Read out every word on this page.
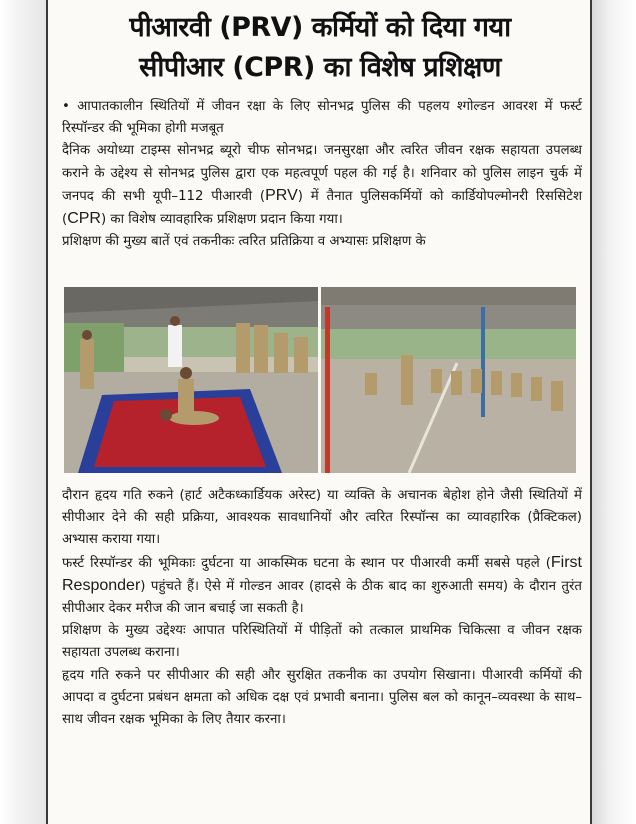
पीआरवी (PRV) कर्मियों को दिया गया
सीपीआर (CPR) का विशेष प्रशिक्षण

• आपातकालीन स्थितियों में जीवन रक्षा के लिए सोनभद्र पुलिस की पहलय श्गोल्डन आवरश में फर्स्ट रिस्पॉन्डर की भूमिका होगी मजबूत

दैनिक अयोध्या टाइम्स सोनभद्र ब्यूरो चीफ सोनभद्र। जनसुरक्षा और त्वरित जीवन रक्षक सहायता उपलब्ध कराने के उद्देश्य से सोनभद्र पुलिस द्वारा एक महत्वपूर्ण पहल की गई है। शनिवार को पुलिस लाइन चुर्क में जनपद की सभी यूपी–112 पीआरवी (PRV) में तैनात पुलिसकर्मियों को कार्डियोपल्मोनरी रिससिटेश (CPR) का विशेष व्यावहारिक प्रशिक्षण प्रदान किया गया।

प्रशिक्षण की मुख्य बातें एवं तकनीकः त्वरित प्रतिक्रिया व अभ्यासः प्रशिक्षण के

दौरान हृदय गति रुकने (हार्ट अटैकध्कार्डियक अरेस्ट) या व्यक्ति के अचानक बेहोश होने जैसी स्थितियों में सीपीआर देने की सही प्रक्रिया, आवश्यक सावधानियों और त्वरित रिस्पॉन्स का व्यावहारिक (प्रैक्टिकल) अभ्यास कराया गया।

फर्स्ट रिस्पॉन्डर की भूमिकाः दुर्घटना या आकस्मिक घटना के स्थान पर पीआरवी कर्मी सबसे पहले (First Responder) पहुंचते हैं। ऐसे में गोल्डन आवर (हादसे के ठीक बाद का शुरुआती समय) के दौरान तुरंत सीपीआर देकर मरीज की जान बचाई जा सकती है।

प्रशिक्षण के मुख्य उद्देश्यः आपात परिस्थितियों में पीड़ितों को तत्काल प्राथमिक चिकित्सा व जीवन रक्षक सहायता उपलब्ध कराना।

हृदय गति रुकने पर सीपीआर की सही और सुरक्षित तकनीक का उपयोग सिखाना। पीआरवी कर्मियों की आपदा व दुर्घटना प्रबंधन क्षमता को अधिक दक्ष एवं प्रभावी बनाना। पुलिस बल को कानून–व्यवस्था के साथ–साथ जीवन रक्षक भूमिका के लिए तैयार करना।
